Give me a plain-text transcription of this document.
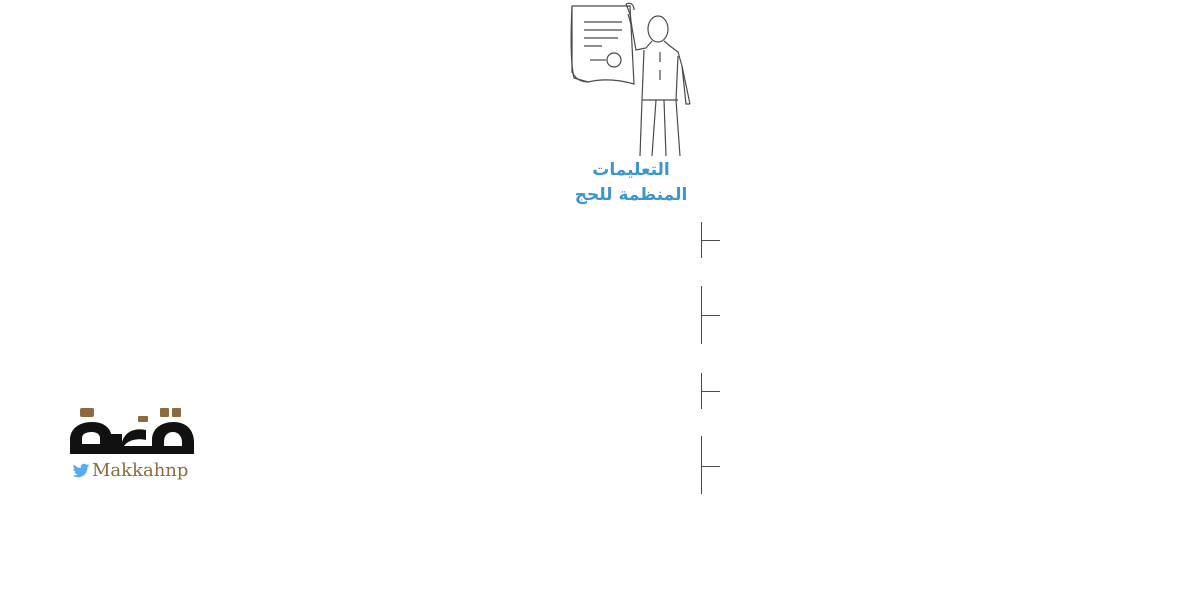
التعليمات
المنظمة للحج
Makkahnp
